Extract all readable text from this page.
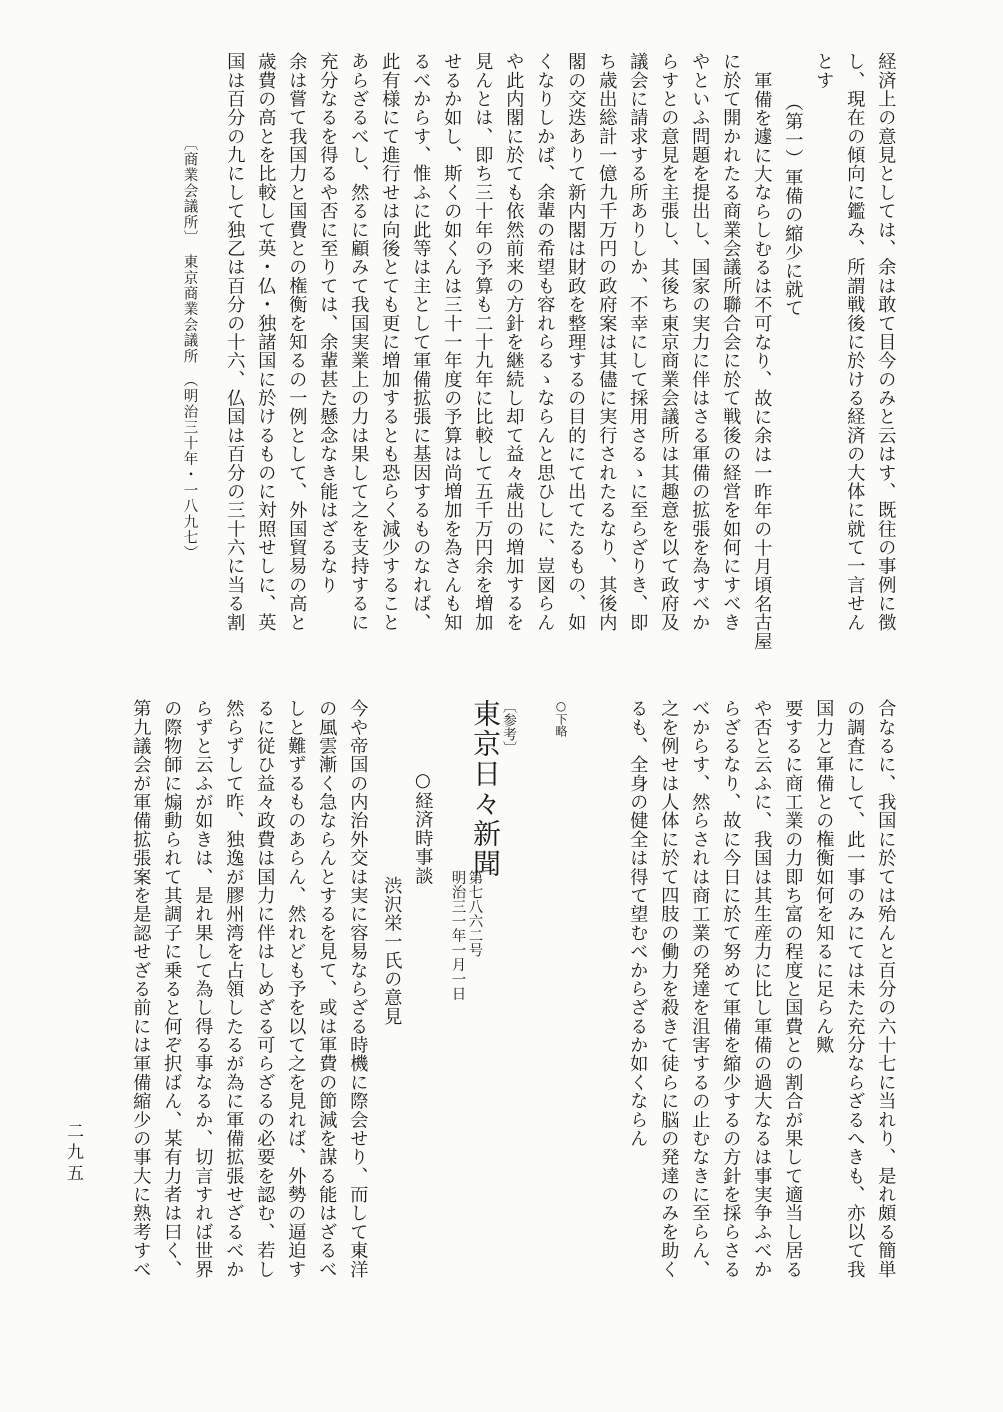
経済上の意見としては、余は敢て目今のみと云はす、既往の事例に徴
し、現在の傾向に鑑み、所謂戦後に於ける経済の大体に就て一言せん
とす
（第一）軍備の縮少に就て
軍備を遽に大ならしむるは不可なり、故に余は一昨年の十月頃名古屋
に於て開かれたる商業会議所聯合会に於て戦後の経営を如何にすべき
やといふ問題を提出し、国家の実力に伴はさる軍備の拡張を為すべか
らすとの意見を主張し、其後ち東京商業会議所は其趣意を以て政府及
議会に請求する所ありしか、不幸にして採用さるゝに至らざりき、即
ち歳出総計一億九千万円の政府案は其儘に実行されたるなり、其後内
閣の交迭ありて新内閣は財政を整理するの目的にて出てたるもの、如
くなりしかば、余輩の希望も容れらるゝならんと思ひしに、豈図らん
や此内閣に於ても依然前来の方針を継続し却て益々歳出の増加するを
見んとは、即ち三十年の予算も二十九年に比較して五千万円余を増加
せるか如し、斯くの如くんは三十一年度の予算は尚増加を為さんも知
るべからす、惟ふに此等は主として軍備拡張に基因するものなれば、
此有様にて進行せは向後とても更に増加するとも恐らく減少すること
あらざるべし、然るに顧みて我国実業上の力は果して之を支持するに
充分なるを得るや否に至りては、余輩甚た懸念なき能はざるなり
余は嘗て我国力と国費との権衡を知るの一例として、外国貿易の高と
歳費の高とを比較して英・仏・独諸国に於けるものに対照せしに、英
国は百分の九にして独乙は百分の十六、仏国は百分の三十六に当る割
〔商業会議所〕　東京商業会議所　（明治三十年・一八九七）
合なるに、我国に於ては殆んと百分の六十七に当れり、是れ頗る簡単
の調査にして、此一事のみにては未た充分ならざるへきも、亦以て我
国力と軍備との権衡如何を知るに足らん歟
要するに商工業の力即ち富の程度と国費との割合が果して適当し居る
や否と云ふに、我国は其生産力に比し軍備の過大なるは事実争ふべか
らざるなり、故に今日に於て努めて軍備を縮少するの方針を採らさる
べからす、然らされは商工業の発達を沮害するの止むなきに至らん、
之を例せは人体に於て四肢の働力を殺きて徒らに脳の発達のみを助く
るも、全身の健全は得て望むべからざるか如くならん
○下略
〔参考〕
東京日々新聞
第七八六二号
明治三一年一月一日
○経済時事談
渋沢栄一氏の意見
今や帝国の内治外交は実に容易ならざる時機に際会せり、而して東洋
の風雲漸く急ならんとするを見て、或は軍費の節減を謀る能はざるべ
しと難ずるものあらん、然れども予を以て之を見れば、外勢の逼迫す
るに従ひ益々政費は国力に伴はしめざる可らざるの必要を認む、若し
然らずして昨、独逸が膠州湾を占領したるが為に軍備拡張せざるべか
らずと云ふが如きは、是れ果して為し得る事なるか、切言すれば世界
の際物師に煽動られて其調子に乗ると何ぞ択ばん、某有力者は曰く、
第九議会が軍備拡張案を是認せざる前には軍備縮少の事大に熟考すべ
二九五
